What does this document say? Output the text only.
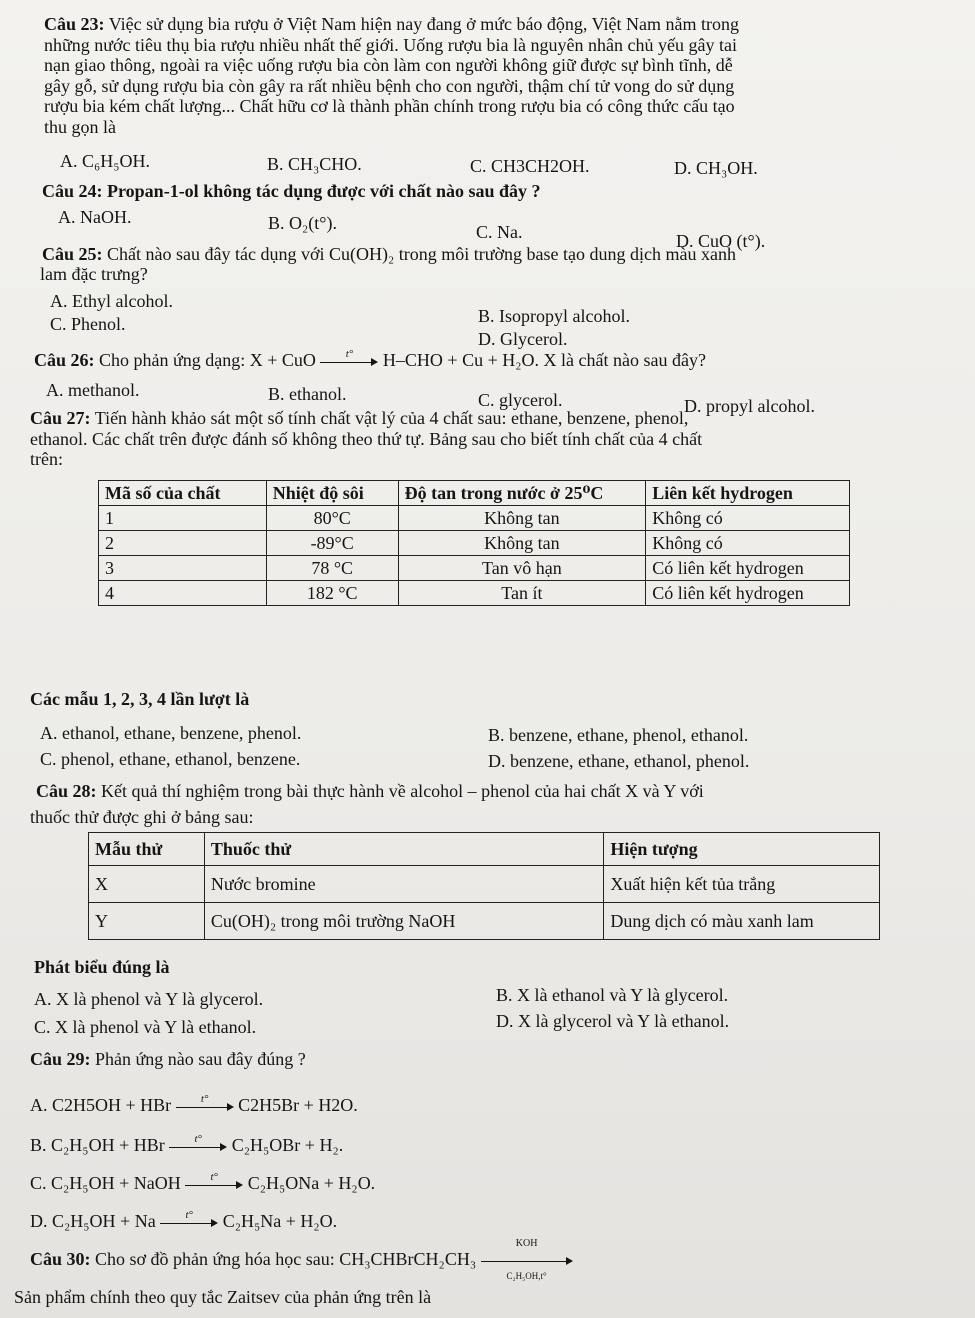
Câu 23: Việc sử dụng bia rượu ở Việt Nam hiện nay đang ở mức báo động, Việt Nam nằm trong
những nước tiêu thụ bia rượu nhiều nhất thế giới. Uống rượu bia là nguyên nhân chủ yếu gây tai
nạn giao thông, ngoài ra việc uống rượu bia còn làm con người không giữ được sự bình tĩnh, dễ
gây gỗ, sử dụng rượu bia còn gây ra rất nhiều bệnh cho con người, thậm chí tử vong do sử dụng
rượu bia kém chất lượng... Chất hữu cơ là thành phần chính trong rượu bia có công thức cấu tạo
thu gọn là
A. C₆H₅OH.	B. CH₃CHO.	C. CH3CH2OH.	D. CH₃OH.
Câu 24: Propan-1-ol không tác dụng được với chất nào sau đây ?
A. NaOH.	B. O₂(t°).	C. Na.	D. CuO (t°).
Câu 25: Chất nào sau đây tác dụng với Cu(OH)₂ trong môi trường base tạo dung dịch màu xanh
lam đặc trưng?
A. Ethyl alcohol.
B. Isopropyl alcohol.
C. Phenol.
D. Glycerol.
Câu 26: Cho phản ứng dạng: X + CuO	t°	H–CHO + Cu + H₂O. X là chất nào sau đây?
A. methanol.	B. ethanol.	C. glycerol.	D. propyl alcohol.
Câu 27: Tiến hành khảo sát một số tính chất vật lý của 4 chất sau: ethane, benzene, phenol,
ethanol. Các chất trên được đánh số không theo thứ tự. Bảng sau cho biết tính chất của 4 chất
trên:
Mã số của chất	Nhiệt độ sôi	Độ tan trong nước ở 25⁰C	Liên kết hydrogen
1	80°C	Không tan	Không có
2	-89°C	Không tan	Không có
3	78 °C	Tan vô hạn	Có liên kết hydrogen
4	182 °C	Tan ít	Có liên kết hydrogen
Các mẫu 1, 2, 3, 4 lần lượt là
A. ethanol, ethane, benzene, phenol.	B. benzene, ethane, phenol, ethanol.
C. phenol, ethane, ethanol, benzene.	D. benzene, ethane, ethanol, phenol.
Câu 28: Kết quả thí nghiệm trong bài thực hành về alcohol – phenol của hai chất X và Y với
thuốc thử được ghi ở bảng sau:
Mẫu thử	Thuốc thử	Hiện tượng
X	Nước bromine	Xuất hiện kết tủa trắng
Y	Cu(OH)₂ trong môi trường NaOH	Dung dịch có màu xanh lam
Phát biểu đúng là
A. X là phenol và Y là glycerol.	B. X là ethanol và Y là glycerol.
C. X là phenol và Y là ethanol.	D. X là glycerol và Y là ethanol.
Câu 29: Phản ứng nào sau đây đúng ?
A. C2H5OH + HBr	t°	C2H5Br + H2O.
B. C₂H₅OH + HBr	t°	C₂H₅OBr + H₂.
C. C₂H₅OH + NaOH	t°	C₂H₅ONa + H₂O.
D. C₂H₅OH + Na	t°	C₂H₅Na + H₂O.
Câu 30: Cho sơ đồ phản ứng hóa học sau: CH₃CHBrCH₂CH₃
KOH
C₂H₅OH,t°
Sản phẩm chính theo quy tắc Zaitsev của phản ứng trên là
